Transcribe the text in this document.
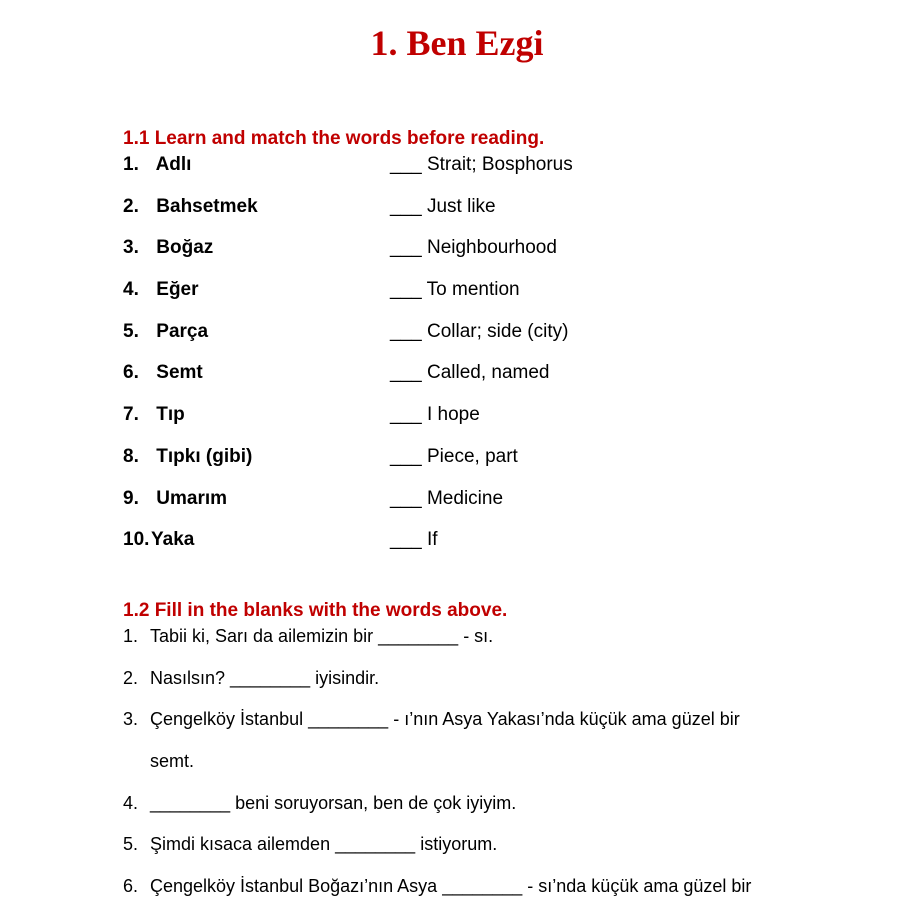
1. Ben Ezgi
1.1 Learn and match the words before reading.
1. Adlı	___ Strait; Bosphorus
2. Bahsetmek	___ Just like
3. Boğaz	___ Neighbourhood
4. Eğer	___ To mention
5. Parça	___ Collar; side (city)
6. Semt	___ Called, named
7. Tıp	___ I hope
8. Tıpkı (gibi)	___ Piece, part
9. Umarım	___ Medicine
10.Yaka	___ If
1.2 Fill in the blanks with the words above.
1. Tabii ki, Sarı da ailemizin bir ________ - sı.
2. Nasılsın? ________ iyisindir.
3. Çengelköy İstanbul ________ - ı’nın Asya Yakası’nda küçük ama güzel bir
semt.
4. ________ beni soruyorsan, ben de çok iyiyim.
5. Şimdi kısaca ailemden ________ istiyorum.
6. Çengelköy İstanbul Boğazı’nın Asya ________ - sı’nda küçük ama güzel bir
